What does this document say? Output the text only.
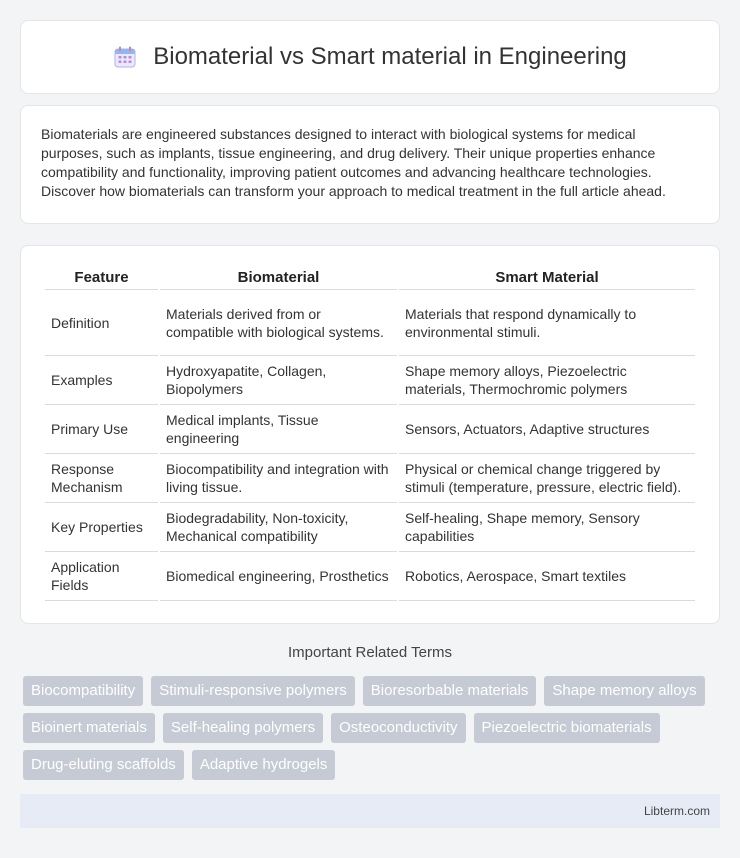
Biomaterial vs Smart material in Engineering

Biomaterials are engineered substances designed to interact with biological systems for medical purposes, such as implants, tissue engineering, and drug delivery. Their unique properties enhance compatibility and functionality, improving patient outcomes and advancing healthcare technologies. Discover how biomaterials can transform your approach to medical treatment in the full article ahead.

Feature	Biomaterial	Smart Material
Definition	Materials derived from or compatible with biological systems.	Materials that respond dynamically to environmental stimuli.
Examples	Hydroxyapatite, Collagen, Biopolymers	Shape memory alloys, Piezoelectric materials, Thermochromic polymers
Primary Use	Medical implants, Tissue engineering	Sensors, Actuators, Adaptive structures
Response Mechanism	Biocompatibility and integration with living tissue.	Physical or chemical change triggered by stimuli (temperature, pressure, electric field).
Key Properties	Biodegradability, Non-toxicity, Mechanical compatibility	Self-healing, Shape memory, Sensory capabilities
Application Fields	Biomedical engineering, Prosthetics	Robotics, Aerospace, Smart textiles
Important Related Terms
Biocompatibility	Stimuli-responsive polymers	Bioresorbable materials	Shape memory alloys
Bioinert materials	Self-healing polymers	Osteoconductivity	Piezoelectric biomaterials
Drug-eluting scaffolds	Adaptive hydrogels
Libterm.com
